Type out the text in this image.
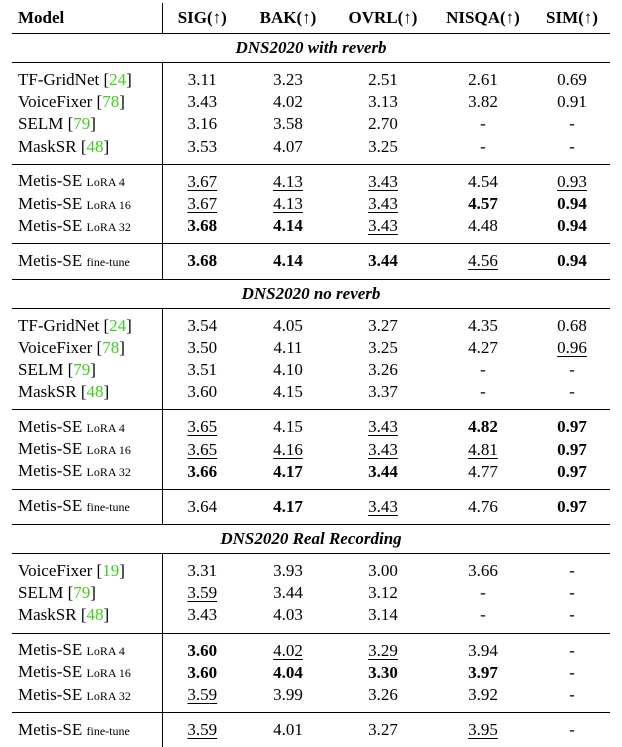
Model	SIG(↑)	BAK(↑)	OVRL(↑)	NISQA(↑)	SIM(↑)
DNS2020 with reverb					
TF-GridNet [24]	3.11	3.23	2.51	2.61	0.69
VoiceFixer [78]	3.43	4.02	3.13	3.82	0.91
SELM [79]	3.16	3.58	2.70	-	-
MaskSR [48]	3.53	4.07	3.25	-	-
Metis-SE LoRA 4	3.67	4.13	3.43	4.54	0.93
Metis-SE LoRA 16	3.67	4.13	3.43	4.57	0.94
Metis-SE LoRA 32	3.68	4.14	3.43	4.48	0.94
Metis-SE fine-tune	3.68	4.14	3.44	4.56	0.94
DNS2020 no reverb					
TF-GridNet [24]	3.54	4.05	3.27	4.35	0.68
VoiceFixer [78]	3.50	4.11	3.25	4.27	0.96
SELM [79]	3.51	4.10	3.26	-	-
MaskSR [48]	3.60	4.15	3.37	-	-
Metis-SE LoRA 4	3.65	4.15	3.43	4.82	0.97
Metis-SE LoRA 16	3.65	4.16	3.43	4.81	0.97
Metis-SE LoRA 32	3.66	4.17	3.44	4.77	0.97
Metis-SE fine-tune	3.64	4.17	3.43	4.76	0.97
DNS2020 Real Recording					
VoiceFixer [19]	3.31	3.93	3.00	3.66	-
SELM [79]	3.59	3.44	3.12	-	-
MaskSR [48]	3.43	4.03	3.14	-	-
Metis-SE LoRA 4	3.60	4.02	3.29	3.94	-
Metis-SE LoRA 16	3.60	4.04	3.30	3.97	-
Metis-SE LoRA 32	3.59	3.99	3.26	3.92	-
Metis-SE fine-tune	3.59	4.01	3.27	3.95	-
